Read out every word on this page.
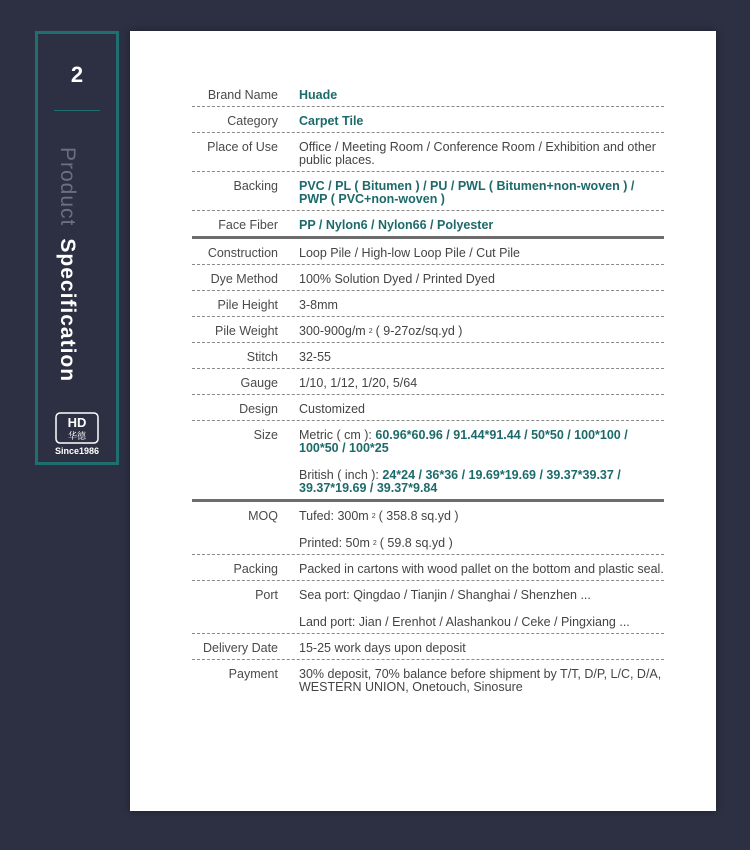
2
ProductSpecification
HD
华德
Since1986
Brand Name Huade
Category Carpet Tile
Place of Use Office / Meeting Room / Conference Room / Exhibition and other public places.
Backing PVC / PL ( Bitumen ) / PU / PWL ( Bitumen+non-woven ) / PWP ( PVC+non-woven )
Face Fiber PP / Nylon6 / Nylon66 / Polyester
Construction Loop Pile / High-low Loop Pile / Cut Pile
Dye Method 100% Solution Dyed / Printed Dyed
Pile Height 3-8mm
Pile Weight 300-900g/m $^2$ ( 9-27oz/sq.yd )
Stitch 32-55
Gauge 1/10, 1/12, 1/20, 5/64
Design Customized
Size Metric ( cm ): 60.96*60.96 / 91.44*91.44 / 50*50 / 100*100 / 100*50 / 100*25
British ( inch ): 24*24 / 36*36 / 19.69*19.69 / 39.37*39.37 / 39.37*19.69 / 39.37*9.84
MOQ Tufed: 300m $^2$ ( 358.8 sq.yd )
Printed: 50m $^2$ ( 59.8 sq.yd )
Packing Packed in cartons with wood pallet on the bottom and plastic seal.
Port Sea port: Qingdao / Tianjin / Shanghai / Shenzhen ...
Land port: Jian / Erenhot / Alashankou / Ceke / Pingxiang ...
Delivery Date 15-25 work days upon deposit
Payment 30% deposit, 70% balance before shipment by T/T, D/P, L/C, D/A, WESTERN UNION, Onetouch, Sinosure
